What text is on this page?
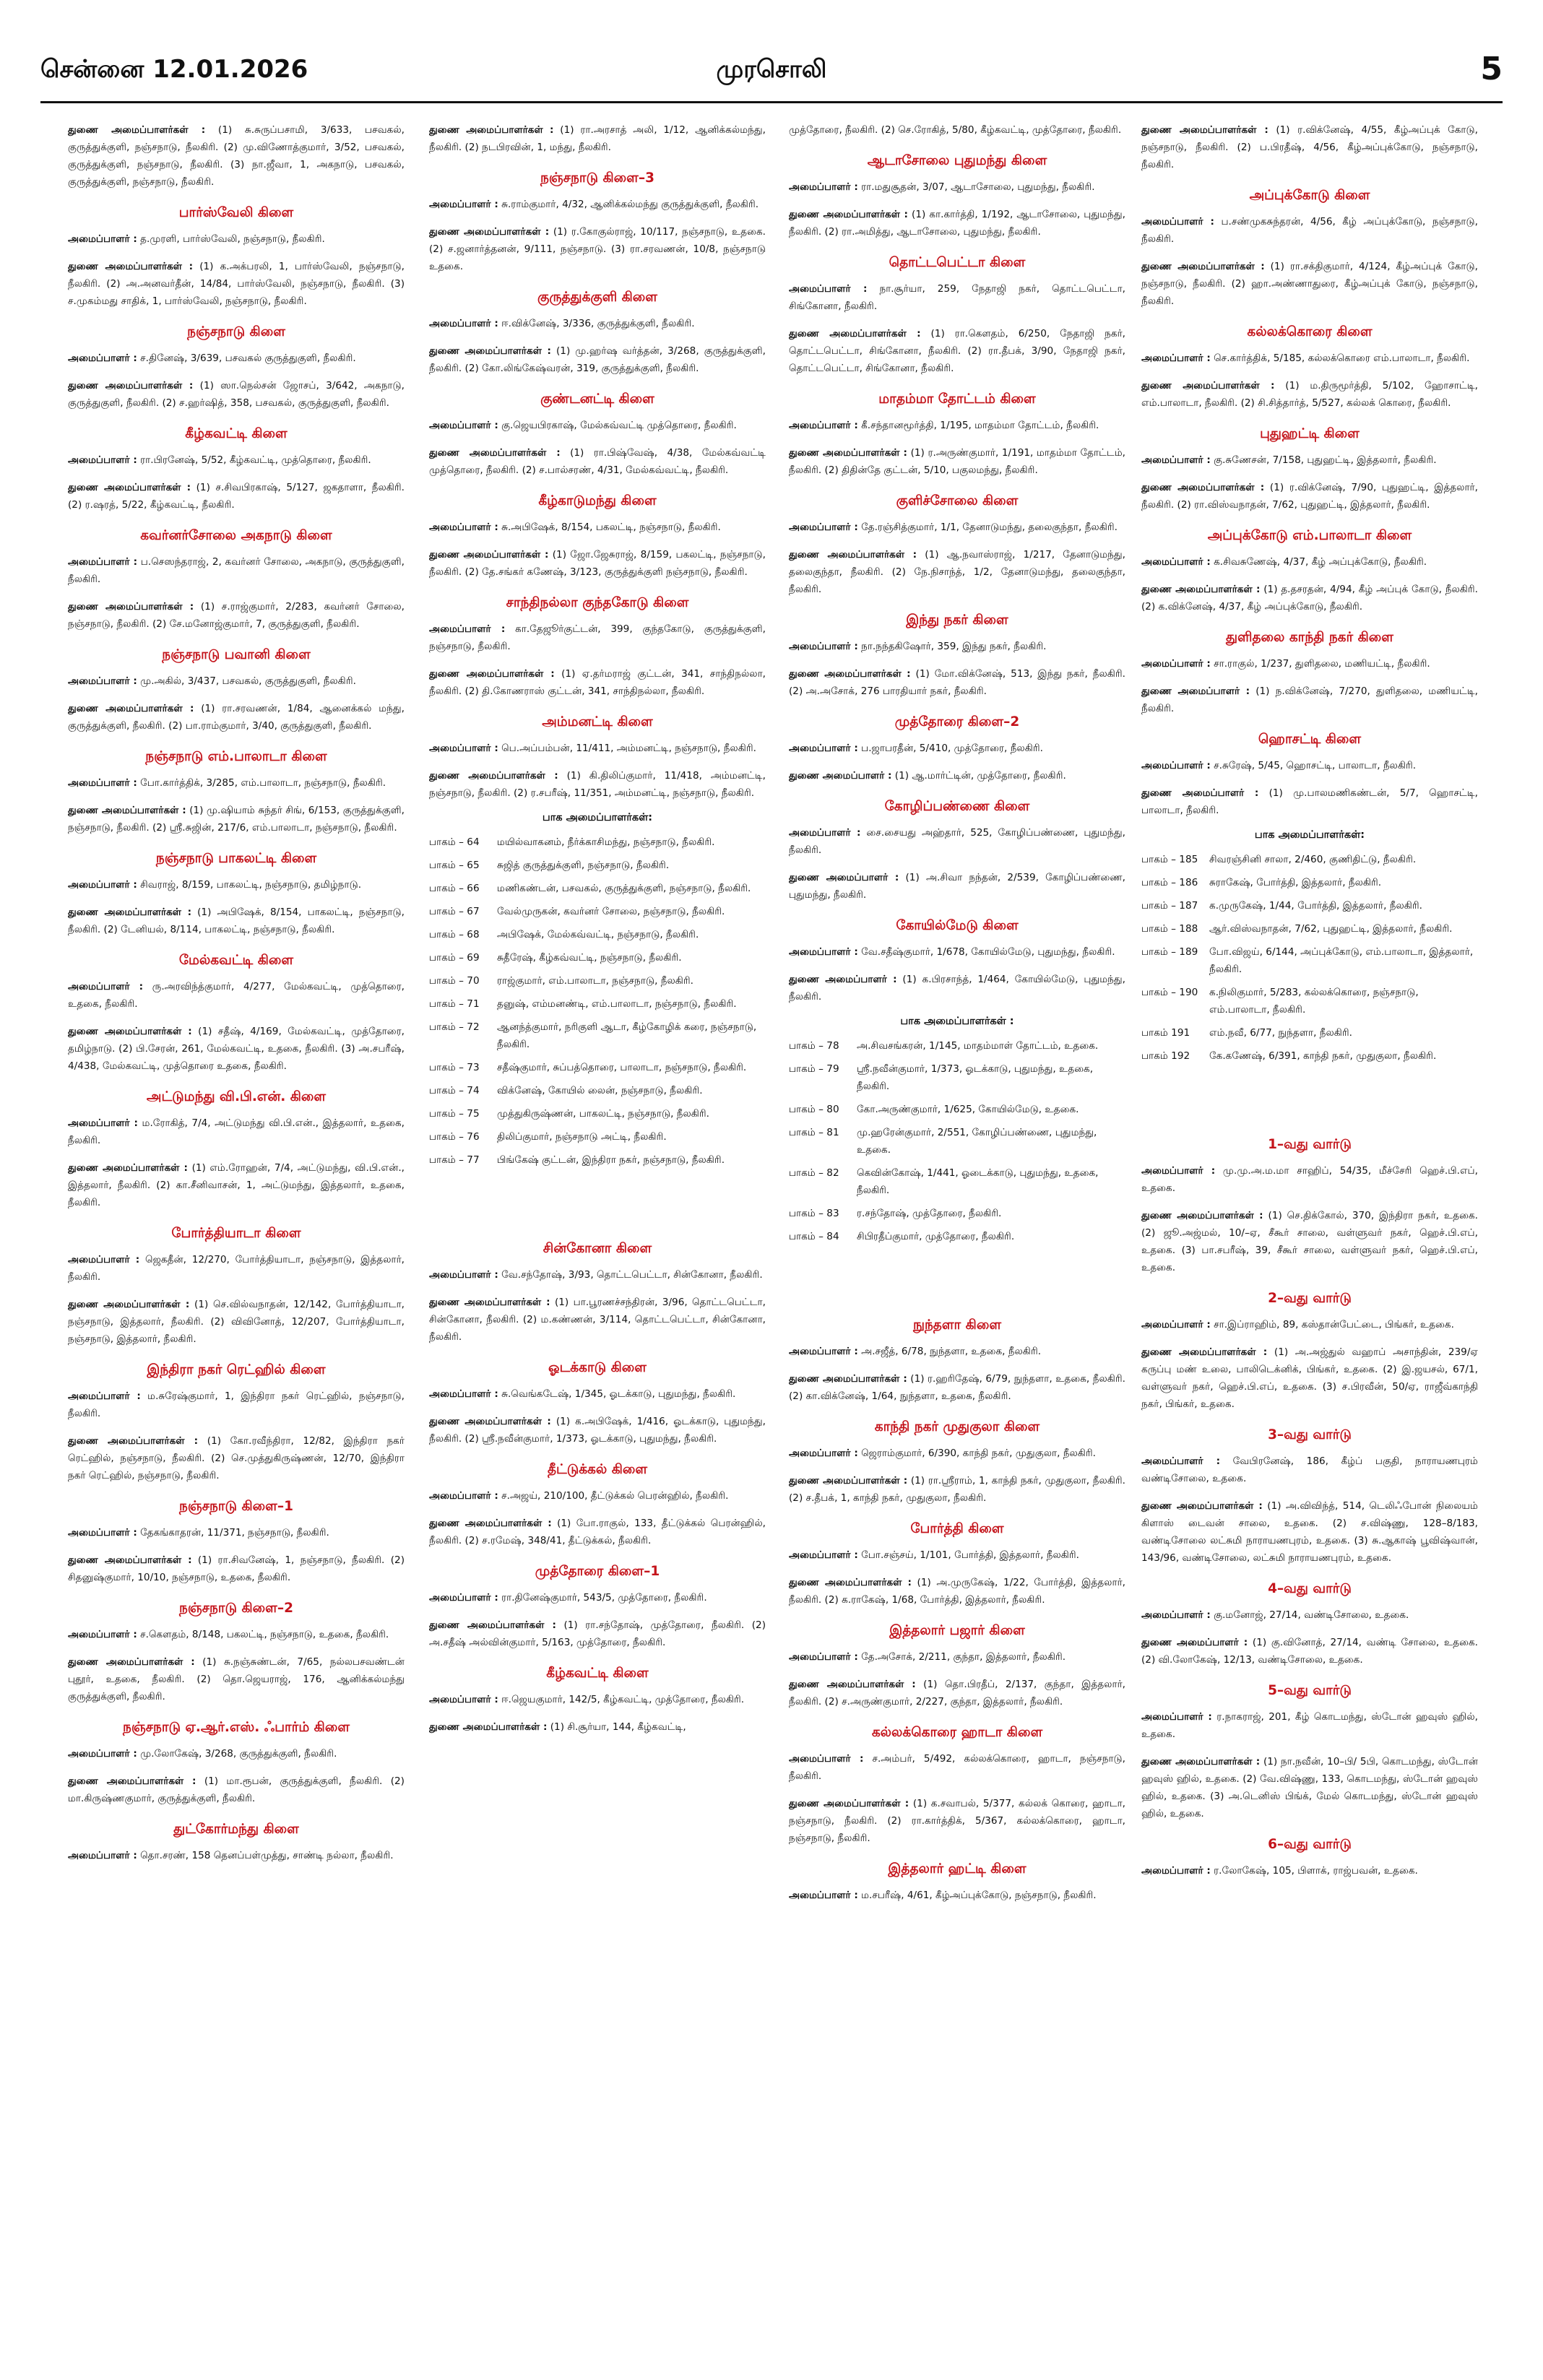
சென்னை 12.01.2026	முரசொலி	5
துணை அமைப்பாளர்கள் : (1) சு.சுருப்பசாமி, 3/633, பசவகல், குருத்துக்குளி, நஞ்சநாடு, நீலகிரி. (2) மு.விணோத்குமார், 3/52, பசவகல், குருத்துக்குளி, நஞ்சநாடு, நீலகிரி. (3) நா.ஜீவா, 1, அகநாடு, பசவகல், குருத்துக்குளி, நஞ்சநாடு, நீலகிரி.
பார்ஸ்வேலி கிளை
அமைப்பாளர் : த.முரளி, பார்ஸ்வேலி, நஞ்சநாடு, நீலகிரி.
துணை அமைப்பாளர்கள் : (1) க.அக்பரலி, 1, பார்ஸ்வேலி, நஞ்சநாடு, நீலகிரி. (2) அ.அனவர்தீன், 14/84, பார்ஸ்வேலி, நஞ்சநாடு, நீலகிரி. (3) ச.முகம்மது சாதிக், 1, பார்ஸ்வேலி, நஞ்சநாடு, நீலகிரி.
நஞ்சநாடு கிளை
அமைப்பாளர் : ச.தினேஷ், 3/639, பசவகல் குருத்துகுளி, நீலகிரி.
துணை அமைப்பாளர்கள் : (1) ஸா.நெல்சன் ஜோசப், 3/642, அகநாடு, குருத்துகுளி, நீலகிரி. (2) ச.ஹர்ஷித், 358, பசவகல், குருத்துகுளி, நீலகிரி.
கீழ்கவட்டி கிளை
அமைப்பாளர் : ரா.பிரனேஷ், 5/52, கீழ்கவட்டி, முத்தொரை, நீலகிரி.
துணை அமைப்பாளர்கள் : (1) ச.சிவபிரகாஷ், 5/127, ஜகதாளா, நீலகிரி. (2) ர.ஷரத், 5/22, கீழ்கவட்டி, நீலகிரி.
கவர்னர்சோலை அகநாடு கிளை
அமைப்பாளர் : ப.செஸந்தராஜ், 2, கவர்னர் சோலை, அகநாடு, குருத்துகுளி, நீலகிரி.
துணை அமைப்பாளர்கள் : (1) ச.ராஜ்குமார், 2/283, கவர்னர் சோலை, நஞ்சநாடு, நீலகிரி. (2) சே.மனோஜ்குமார், 7, குருத்துகுளி, நீலகிரி.
நஞ்சநாடு பவானி கிளை
அமைப்பாளர் : மு.அகில், 3/437, பசவகல், குருத்துகுளி, நீலகிரி.
துணை அமைப்பாளர்கள் : (1) ரா.சரவணன், 1/84, ஆனைக்கல் மந்து, குருத்துக்குளி, நீலகிரி. (2) பா.ராம்குமார், 3/40, குருத்துகுளி, நீலகிரி.
நஞ்சநாடு எம்.பாலாடா கிளை
அமைப்பாளர் : போ.கார்த்திக், 3/285, எம்.பாலாடா, நஞ்சநாடு, நீலகிரி.
துணை அமைப்பாளர்கள் : (1) மு.ஷியாம் சுந்தர் சிங், 6/153, குருத்துக்குளி, நஞ்சநாடு, நீலகிரி. (2) ஸ்ரீ.சுஜின், 217/6, எம்.பாலாடா, நஞ்சநாடு, நீலகிரி.
நஞ்சநாடு பாகலட்டி கிளை
அமைப்பாளர் : சிவராஜ், 8/159, பாகலட்டி, நஞ்சநாடு, தமிழ்நாடு.
துணை அமைப்பாளர்கள் : (1) அபிஷேக், 8/154, பாகலட்டி, நஞ்சநாடு, நீலகிரி. (2) டேனியல், 8/114, பாகலட்டி, நஞ்சநாடு, நீலகிரி.
மேல்கவட்டி கிளை
அமைப்பாளர் : ரு.அரவிந்த்குமார், 4/277, மேல்கவட்டி, முத்தொரை, உதகை, நீலகிரி.
துணை அமைப்பாளர்கள் : (1) சதீஷ், 4/169, மேல்கவட்டி, முத்தோரை, தமிழ்நாடு. (2) பி.சேரன், 261, மேல்கவட்டி, உதகை, நீலகிரி. (3) அ.சபரீஷ், 4/438, மேல்கவட்டி, முத்தொரை உதகை, நீலகிரி.
அட்டுமந்து வி.பி.என். கிளை
அமைப்பாளர் : ம.ரோகித், 7/4, அட்டுமந்து வி.பி.என்., இத்தலார், உதகை, நீலகிரி.
துணை அமைப்பாளர்கள் : (1) எம்.ரோஹன், 7/4, அட்டுமந்து, வி.பி.என்., இத்தலார், நீலகிரி. (2) கா.சீனிவாசன், 1, அட்டுமந்து, இத்தலார், உதகை, நீலகிரி.
போர்த்தியாடா கிளை
அமைப்பாளர் : ஜெகதீன், 12/270, போர்த்தியாடா, நஞ்சநாடு, இத்தலார், நீலகிரி.
துணை அமைப்பாளர்கள் : (1) செ.வில்வநாதன், 12/142, போர்த்தியாடா, நஞ்சநாடு, இத்தலார், நீலகிரி. (2) விவினோத், 12/207, போர்த்தியாடா, நஞ்சநாடு, இத்தலார், நீலகிரி.
இந்திரா நகர் ரெட்ஹில் கிளை
அமைப்பாளர் : ம.சுரேஷ்குமார், 1, இந்திரா நகர் ரெட்ஹில், நஞ்சநாடு, நீலகிரி.
துணை அமைப்பாளர்கள் : (1) கோ.ரவீந்திரா, 12/82, இந்திரா நகர் ரெட்ஹில், நஞ்சநாடு, நீலகிரி. (2) செ.முத்துகிருஷ்ணன், 12/70, இந்திரா நகர் ரெட்ஹில், நஞ்சநாடு, நீலகிரி.
நஞ்சநாடு கிளை–1
அமைப்பாளர் : தேகங்காதரன், 11/371, நஞ்சநாடு, நீலகிரி.
துணை அமைப்பாளர்கள் : (1) ரா.சிவனேஷ், 1, நஞ்சநாடு, நீலகிரி. (2) சிதனுஷ்குமார், 10/10, நஞ்சநாடு, உதகை, நீலகிரி.
நஞ்சநாடு கிளை–2
அமைப்பாளர் : ச.கௌதம், 8/148, பகலட்டி, நஞ்சநாடு, உதகை, நீலகிரி.
துணை அமைப்பாளர்கள் : (1) சு.நஞ்சுண்டன், 7/65, நல்லபசவண்டன் புதூர், உதகை, நீலகிரி. (2) தொ.ஜெயராஜ், 176, ஆனிக்கல்மந்து குருத்துக்குளி, நீலகிரி.
நஞ்சநாடு ஏ.ஆர்.எஸ். ஃபார்ம் கிளை
அமைப்பாளர் : மு.லோகேஷ், 3/268, குருத்துக்குளி, நீலகிரி.
துணை அமைப்பாளர்கள் : (1) மா.ரூபன், குருத்துக்குளி, நீலகிரி. (2) மா.கிருஷ்ணகுமார், குருத்துக்குளி, நீலகிரி.
துட்கோர்மந்து கிளை
அமைப்பாளர் : தொ.சரண், 158 தெனப்பள்முத்து, சாண்டி நல்லா, நீலகிரி.
துணை அமைப்பாளர்கள் : (1) ரா.அரசாத் அலி, 1/12, ஆனிக்கல்மந்து, நீலகிரி. (2) நடபிரவின், 1, மந்து, நீலகிரி.
நஞ்சநாடு கிளை–3
அமைப்பாளர் : சு.ராம்குமார், 4/32, ஆனிக்கல்மந்து குருத்துக்குளி, நீலகிரி.
துணை அமைப்பாளர்கள் : (1) ர.கோகுல்ராஜ், 10/117, நஞ்சநாடு, உதகை. (2) ச.ஜனார்த்தனன், 9/111, நஞ்சநாடு. (3) ரா.சரவணன், 10/8, நஞ்சநாடு உதகை.
குருத்துக்குளி கிளை
அமைப்பாளர் : ஈ.விக்னேஷ், 3/336, குருத்துக்குளி, நீலகிரி.
துணை அமைப்பாளர்கள் : (1) மு.ஹர்ஷ வர்த்தன், 3/268, குருத்துக்குளி, நீலகிரி. (2) கோ.லிங்கேஷ்வரன், 319, குருத்துக்குளி, நீலகிரி.
குண்டனட்டி கிளை
அமைப்பாளர் : கு.ஜெயபிரகாஷ், மேல்கவ்வட்டி முத்தொரை, நீலகிரி.
துணை அமைப்பாளர்கள் : (1) ரா.பிஷ்வேஷ், 4/38, மேல்கவ்வட்டி முத்தொரை, நீலகிரி. (2) ச.பால்சரண், 4/31, மேல்கவ்வட்டி, நீலகிரி.
கீழ்காடுமந்து கிளை
அமைப்பாளர் : சு.அபிஷேக், 8/154, பகலட்டி, நஞ்சநாடு, நீலகிரி.
துணை அமைப்பாளர்கள் : (1) ஜோ.ஜேசுராஜ், 8/159, பகலட்டி, நஞ்சநாடு, நீலகிரி. (2) தே.சங்கர் கணேஷ், 3/123, குருத்துக்குளி நஞ்சநாடு, நீலகிரி.
சாந்திநல்லா குந்தகோடு கிளை
அமைப்பாளர் : கா.தேஜூர்குட்டன், 399, குந்தகோடு, குருத்துக்குளி, நஞ்சநாடு, நீலகிரி.
துணை அமைப்பாளர்கள் : (1) ஏ.தர்மராஜ் குட்டன், 341, சாந்திநல்லா, நீலகிரி. (2) தி.கோணராஸ் குட்டன், 341, சாந்திநல்லா, நீலகிரி.
அம்மனட்டி கிளை
அமைப்பாளர் : பெ.அப்பம்பன், 11/411, அம்மனட்டி, நஞ்சநாடு, நீலகிரி.
துணை அமைப்பாளர்கள் : (1) கி.திலிப்குமார், 11/418, அம்மனட்டி, நஞ்சநாடு, நீலகிரி. (2) ர.சபரீஷ், 11/351, அம்மனட்டி, நஞ்சநாடு, நீலகிரி.
பாக அமைப்பாளர்கள்:
பாகம் – 64	மயில்வாகனம், நீர்க்காசிமந்து, நஞ்சநாடு, நீலகிரி.
பாகம் – 65	சுஜித் குருத்துக்குளி, நஞ்சநாடு, நீலகிரி.
பாகம் – 66	மணிகண்டன், பசவகல், குருத்துக்குளி, நஞ்சநாடு, நீலகிரி.
பாகம் – 67	வேல்முருகன், கவர்னர் சோலை, நஞ்சநாடு, நீலகிரி.
பாகம் – 68	அபிஷேக், மேல்கவ்வட்டி, நஞ்சநாடு, நீலகிரி.
பாகம் – 69	சுதீரேஷ், கீழ்கவ்வட்டி, நஞ்சநாடு, நீலகிரி.
பாகம் – 70	ராஜ்குமார், எம்.பாலாடா, நஞ்சநாடு, நீலகிரி.
பாகம் – 71	தனுஷ், எம்மனண்டி, எம்.பாலாடா, நஞ்சநாடு, நீலகிரி.
பாகம் – 72	ஆனந்த்குமார், நரிகுளி ஆடா, கீழ்கோழிக் கரை, நஞ்சநாடு, நீலகிரி.
பாகம் – 73	சதீஷ்குமார், சுப்பத்தொரை, பாலாடா, நஞ்சநாடு, நீலகிரி.
பாகம் – 74	விக்னேஷ், கோயில் லைன், நஞ்சநாடு, நீலகிரி.
பாகம் – 75	முத்துகிருஷ்ணன், பாகலட்டி, நஞ்சநாடு, நீலகிரி.
பாகம் – 76	திலிப்குமார், நஞ்சநாடு அட்டி, நீலகிரி.
பாகம் – 77	பிங்கேஷ் குட்டன், இந்திரா நகர், நஞ்சநாடு, நீலகிரி.
சின்கோனா கிளை
அமைப்பாளர் : வே.சந்தோஷ், 3/93, தொட்டபெட்டா, சின்கோனா, நீலகிரி.
துணை அமைப்பாளர்கள் : (1) பா.பூரணச்சந்திரன், 3/96, தொட்டபெட்டா, சின்கோனா, நீலகிரி. (2) ம.கண்ணன், 3/114, தொட்டபெட்டா, சின்கோனா, நீலகிரி.
ஓடக்காடு கிளை
அமைப்பாளர் : சு.வெங்கடேஷ், 1/345, ஓடக்காடு, புதுமந்து, நீலகிரி.
துணை அமைப்பாளர்கள் : (1) க.அபிஷேக், 1/416, ஓடக்காடு, புதுமந்து, நீலகிரி. (2) ஸ்ரீ.நவீன்குமார், 1/373, ஓடக்காடு, புதுமந்து, நீலகிரி.
தீட்டுக்கல் கிளை
அமைப்பாளர் : ச.அஜய், 210/100, தீட்டுக்கல் பெரன்ஹில், நீலகிரி.
துணை அமைப்பாளர்கள் : (1) போ.ராகுல், 133, தீட்டுக்கல் பெரன்ஹில், நீலகிரி. (2) ச.ரமேஷ், 348/41, தீட்டுக்கல், நீலகிரி.
முத்தோரை கிளை–1
அமைப்பாளர் : ரா.தினேஷ்குமார், 543/5, முத்தோரை, நீலகிரி.
துணை அமைப்பாளர்கள் : (1) ரா.சந்தோஷ், முத்தோரை, நீலகிரி. (2) அ.சதீஷ் அல்வின்குமார், 5/163, முத்தோரை, நீலகிரி.
கீழ்கவட்டி கிளை
அமைப்பாளர் : ஈ.ஜெயகுமார், 142/5, கீழ்கவட்டி, முத்தோரை, நீலகிரி.
துணை அமைப்பாளர்கள் : (1) சி.சூர்யா, 144, கீழ்கவட்டி,
முத்தோரை, நீலகிரி. (2) செ.ரோகித், 5/80, கீழ்கவட்டி, முத்தோரை, நீலகிரி.
ஆடாசோலை புதுமந்து கிளை
அமைப்பாளர் : ரா.மதுசூதன், 3/07, ஆடாசோலை, புதுமந்து, நீலகிரி.
துணை அமைப்பாளர்கள் : (1) கா.கார்த்தி, 1/192, ஆடாசோலை, புதுமந்து, நீலகிரி. (2) ரா.அமித்து, ஆடாசோலை, புதுமந்து, நீலகிரி.
தொட்டபெட்டா கிளை
அமைப்பாளர் : நா.சூர்யா, 259, நேதாஜி நகர், தொட்டபெட்டா, சிங்கோனா, நீலகிரி.
துணை அமைப்பாளர்கள் : (1) ரா.கௌதம், 6/250, நேதாஜி நகர், தொட்டபெட்டா, சிங்கோனா, நீலகிரி. (2) ரா.தீபக், 3/90, நேதாஜி நகர், தொட்டபெட்டா, சிங்கோனா, நீலகிரி.
மாதம்மா தோட்டம் கிளை
அமைப்பாளர் : கீ.சந்தானமூர்த்தி, 1/195, மாதம்மா தோட்டம், நீலகிரி.
துணை அமைப்பாளர்கள் : (1) ர.அருண்குமார், 1/191, மாதம்மா தோட்டம், நீலகிரி. (2) திதின்தே குட்டன், 5/10, பகுலமந்து, நீலகிரி.
குளிச்சோலை கிளை
அமைப்பாளர் : தே.ரஞ்சித்குமார், 1/1, தேனாடுமந்து, தலைகுந்தா, நீலகிரி.
துணை அமைப்பாளர்கள் : (1) ஆ.நவாஸ்ராஜ், 1/217, தேனாடுமந்து, தலைகுந்தா, நீலகிரி. (2) நே.நிசாந்த், 1/2, தேனாடுமந்து, தலைகுந்தா, நீலகிரி.
இந்து நகர் கிளை
அமைப்பாளர் : நா.நந்தகிஷோர், 359, இந்து நகர், நீலகிரி.
துணை அமைப்பாளர்கள் : (1) மோ.விக்னேஷ், 513, இந்து நகர், நீலகிரி. (2) அ.அசோக், 276 பாரதியார் நகர், நீலகிரி.
முத்தோரை கிளை–2
அமைப்பாளர் : ப.ஜாபரதீன், 5/410, முத்தோரை, நீலகிரி.
துணை அமைப்பாளர் : (1) ஆ.மார்ட்டின், முத்தோரை, நீலகிரி.
கோழிப்பண்ணை கிளை
அமைப்பாளர் : சை.சையது அஹ்தார், 525, கோழிப்பண்ணை, புதுமந்து, நீலகிரி.
துணை அமைப்பாளர் : (1) அ.சிவா நந்தன், 2/539, கோழிப்பண்ணை, புதுமந்து, நீலகிரி.
கோயில்மேடு கிளை
அமைப்பாளர் : வே.சதீஷ்குமார், 1/678, கோயில்மேடு, புதுமந்து, நீலகிரி.
துணை அமைப்பாளர் : (1) க.பிரசாந்த், 1/464, கோயில்மேடு, புதுமந்து, நீலகிரி.
பாக அமைப்பாளர்கள் :
பாகம் – 78	அ.சிவசங்கரன், 1/145, மாதம்மாள் தோட்டம், உதகை.
பாகம் – 79	ஸ்ரீ.நவீன்குமார், 1/373, ஓடக்காடு, புதுமந்து, உதகை, நீலகிரி.
பாகம் – 80	கோ.அருண்குமார், 1/625, கோயில்மேடு, உதகை.
பாகம் – 81	மு.ஹரேன்குமார், 2/551, கோழிப்பண்ணை, புதுமந்து, உதகை.
பாகம் – 82	கெவின்கோஷ், 1/441, ஓடைக்காடு, புதுமந்து, உதகை, நீலகிரி.
பாகம் – 83	ர.சந்தோஷ், முத்தோரை, நீலகிரி.
பாகம் – 84	சிபிரதீப்குமார், முத்தோரை, நீலகிரி.
நுந்தளா கிளை
அமைப்பாளர் : அ.சஜீத், 6/78, நுந்தளா, உதகை, நீலகிரி.
துணை அமைப்பாளர்கள் : (1) ர.ஹரிதேஷ், 6/79, நுந்தளா, உதகை, நீலகிரி. (2) கா.விக்னேஷ், 1/64, நுந்தளா, உதகை, நீலகிரி.
காந்தி நகர் முதுகுலா கிளை
அமைப்பாளர் : ஜெராம்குமார், 6/390, காந்தி நகர், முதுகுலா, நீலகிரி.
துணை அமைப்பாளர்கள் : (1) ரா.ஸ்ரீராம், 1, காந்தி நகர், முதுகுலா, நீலகிரி. (2) ச.தீபக், 1, காந்தி நகர், முதுகுலா, நீலகிரி.
போர்த்தி கிளை
அமைப்பாளர் : போ.சஞ்சய், 1/101, போர்த்தி, இத்தலார், நீலகிரி.
துணை அமைப்பாளர்கள் : (1) அ.முருகேஷ், 1/22, போர்த்தி, இத்தலார், நீலகிரி. (2) க.ராகேஷ், 1/68, போர்த்தி, இத்தலார், நீலகிரி.
இத்தலார் பஜார் கிளை
அமைப்பாளர் : தே.அசோக், 2/211, குந்தா, இத்தலார், நீலகிரி.
துணை அமைப்பாளர்கள் : (1) தொ.பிரதீப், 2/137, குந்தா, இத்தலார், நீலகிரி. (2) ச.அருண்குமார், 2/227, குந்தா, இத்தலார், நீலகிரி.
கல்லக்கொரை ஹாடா கிளை
அமைப்பாளர் : ச.அம்பர், 5/492, கல்லக்கொரை, ஹாடா, நஞ்சநாடு, நீலகிரி.
துணை அமைப்பாளர்கள் : (1) க.சவாபல், 5/377, கல்லக் கொரை, ஹாடா, நஞ்சநாடு, நீலகிரி. (2) ரா.கார்த்திக், 5/367, கல்லக்கொரை, ஹாடா, நஞ்சநாடு, நீலகிரி.
இத்தலார் ஹட்டி கிளை
அமைப்பாளர் : ம.சபரீஷ், 4/61, கீழ்அப்புக்கோடு, நஞ்சநாடு, நீலகிரி.
துணை அமைப்பாளர்கள் : (1) ர.விக்னேஷ், 4/55, கீழ்அப்புக் கோடு, நஞ்சநாடு, நீலகிரி. (2) ப.பிரதீஷ், 4/56, கீழ்அப்புக்கோடு, நஞ்சநாடு, நீலகிரி.
அப்புக்கோடு கிளை
அமைப்பாளர் : ப.சண்முகசுந்தரன், 4/56, கீழ் அப்புக்கோடு, நஞ்சநாடு, நீலகிரி.
துணை அமைப்பாளர்கள் : (1) ரா.சக்திகுமார், 4/124, கீழ்அப்புக் கோடு, நஞ்சநாடு, நீலகிரி. (2) ஹா.அண்ணாதுரை, கீழ்அப்புக் கோடு, நஞ்சநாடு, நீலகிரி.
கல்லக்கொரை கிளை
அமைப்பாளர் : செ.கார்த்திக், 5/185, கல்லக்கொரை எம்.பாலாடா, நீலகிரி.
துணை அமைப்பாளர்கள் : (1) ம.திருமூர்த்தி, 5/102, ஹோசாட்டி, எம்.பாலாடா, நீலகிரி. (2) சி.சித்தார்த், 5/527, கல்லக் கொரை, நீலகிரி.
புதுஹட்டி கிளை
அமைப்பாளர் : கு.சுணேசன், 7/158, புதுஹட்டி, இத்தலார், நீலகிரி.
துணை அமைப்பாளர்கள் : (1) ர.விக்னேஷ், 7/90, புதுஹட்டி, இத்தலார், நீலகிரி. (2) ரா.விஸ்வநாதன், 7/62, புதுஹட்டி, இத்தலார், நீலகிரி.
அப்புக்கோடு எம்.பாலாடா கிளை
அமைப்பாளர் : க.சிவசுணேஷ், 4/37, கீழ் அப்புக்கோடு, நீலகிரி.
துணை அமைப்பாளர்கள் : (1) த.தசரதன், 4/94, கீழ் அப்புக் கோடு, நீலகிரி. (2) க.விக்னேஷ், 4/37, கீழ் அப்புக்கோடு, நீலகிரி.
துளிதலை காந்தி நகர் கிளை
அமைப்பாளர் : சா.ராகுல், 1/237, துளிதலை, மணியட்டி, நீலகிரி.
துணை அமைப்பாளர் : (1) ந.விக்னேஷ், 7/270, துளிதலை, மணியட்டி, நீலகிரி.
ஹொசட்டி கிளை
அமைப்பாளர் : ச.சுரேஷ், 5/45, ஹொசட்டி, பாலாடா, நீலகிரி.
துணை அமைப்பாளர் : (1) மு.பாலமணிகண்டன், 5/7, ஹொசட்டி, பாலாடா, நீலகிரி.
பாக அமைப்பாளர்கள்:
பாகம் – 185	சிவரஞ்சினி சாலா, 2/460, குணிதிட்டு, நீலகிரி.
பாகம் – 186	சுராகேஷ், போர்த்தி, இத்தலார், நீலகிரி.
பாகம் – 187	க.முருகேஷ், 1/44, போர்த்தி, இத்தலார், நீலகிரி.
பாகம் – 188	ஆர்.விஸ்வநாதன், 7/62, புதுஹட்டி, இத்தலார், நீலகிரி.
பாகம் – 189	போ.விஜய், 6/144, அப்புக்கோடு, எம்.பாலாடா, இத்தலார், நீலகிரி.
பாகம் – 190	க.நிலிகுமார், 5/283, கல்லக்கொரை, நஞ்சநாடு, எம்.பாலாடா, நீலகிரி.
பாகம் 191	எம்.நவீ, 6/77, நுந்தளா, நீலகிரி.
பாகம் 192	கே.கணேஷ், 6/391, காந்தி நகர், முதுகுலா, நீலகிரி.
1–வது வார்டு
அமைப்பாளர் : மு.மு.அ.ம.மா சாஹிப், 54/35, மீச்சேரி ஹெச்.பி.எப், உதகை.
துணை அமைப்பாளர்கள் : (1) செ.திக்கோல், 370, இந்திரா நகர், உதகை. (2) ஜூ.அஜ்மல், 10/–ஏ, சீகூர் சாலை, வள்ளுவர் நகர், ஹெச்.பி.எப், உதகை. (3) பா.சபரீஷ், 39, சீகூர் சாலை, வள்ளுவர் நகர், ஹெச்.பி.எப், உதகை.
2–வது வார்டு
அமைப்பாளர் : சா.இப்ராஹிம், 89, கஸ்தான்பேட்டை, பிங்கர், உதகை.
துணை அமைப்பாளர்கள் : (1) அ.அஜ்துல் வஹாப் அசாந்தின், 239/ஏ கருப்பு மண் உலை, பாலிடெக்னிக், பிங்கர், உதகை. (2) இ.ஜயசல், 67/1, வள்ளுவர் நகர், ஹெச்.பி.எப், உதகை. (3) ச.பிரவீன், 50/ஏ, ராஜீவ்காந்தி நகர், பிங்கர், உதகை.
3–வது வார்டு
அமைப்பாளர் : வேபிரனேஷ், 186, கீழ்ப் பகுதி, நாராயணபுரம் வண்டிசோலை, உதகை.
துணை அமைப்பாளர்கள் : (1) அ.விவிந்த், 514, டெலிஃபோன் நிலையம் கிளாஸ் டைவன் சாலை, உதகை. (2) ச.விஷ்ணு, 128–8/183, வண்டிசோலை லட்சுமி நாராயணபுரம், உதகை. (3) சு.ஆகாஷ் பூவிஷ்வான், 143/96, வண்டிசோலை, லட்சுமி நாராயணபுரம், உதகை.
4–வது வார்டு
அமைப்பாளர் : கு.மனோஜ், 27/14, வண்டிசோலை, உதகை.
துணை அமைப்பாளர் : (1) கு.வினோத், 27/14, வண்டி சோலை, உதகை. (2) வி.லோகேஷ், 12/13, வண்டிசோலை, உதகை.
5–வது வார்டு
அமைப்பாளர் : ர.நாகராஜ், 201, கீழ் கொடமந்து, ஸ்டோன் ஹவுஸ் ஹில், உதகை.
துணை அமைப்பாளர்கள் : (1) நா.நவீன், 10–பி/ 5பி, கொடமந்து, ஸ்டோன் ஹவுஸ் ஹில், உதகை. (2) வே.விஷ்ணு, 133, கொடமந்து, ஸ்டோன் ஹவுஸ் ஹில், உதகை. (3) அ.டெனிஸ் பிங்க், மேல் கொடமந்து, ஸ்டோன் ஹவுஸ் ஹில், உதகை.
6–வது வார்டு
அமைப்பாளர் : ர.லோகேஷ், 105, பிளாக், ராஜ்பவன், உதகை.
